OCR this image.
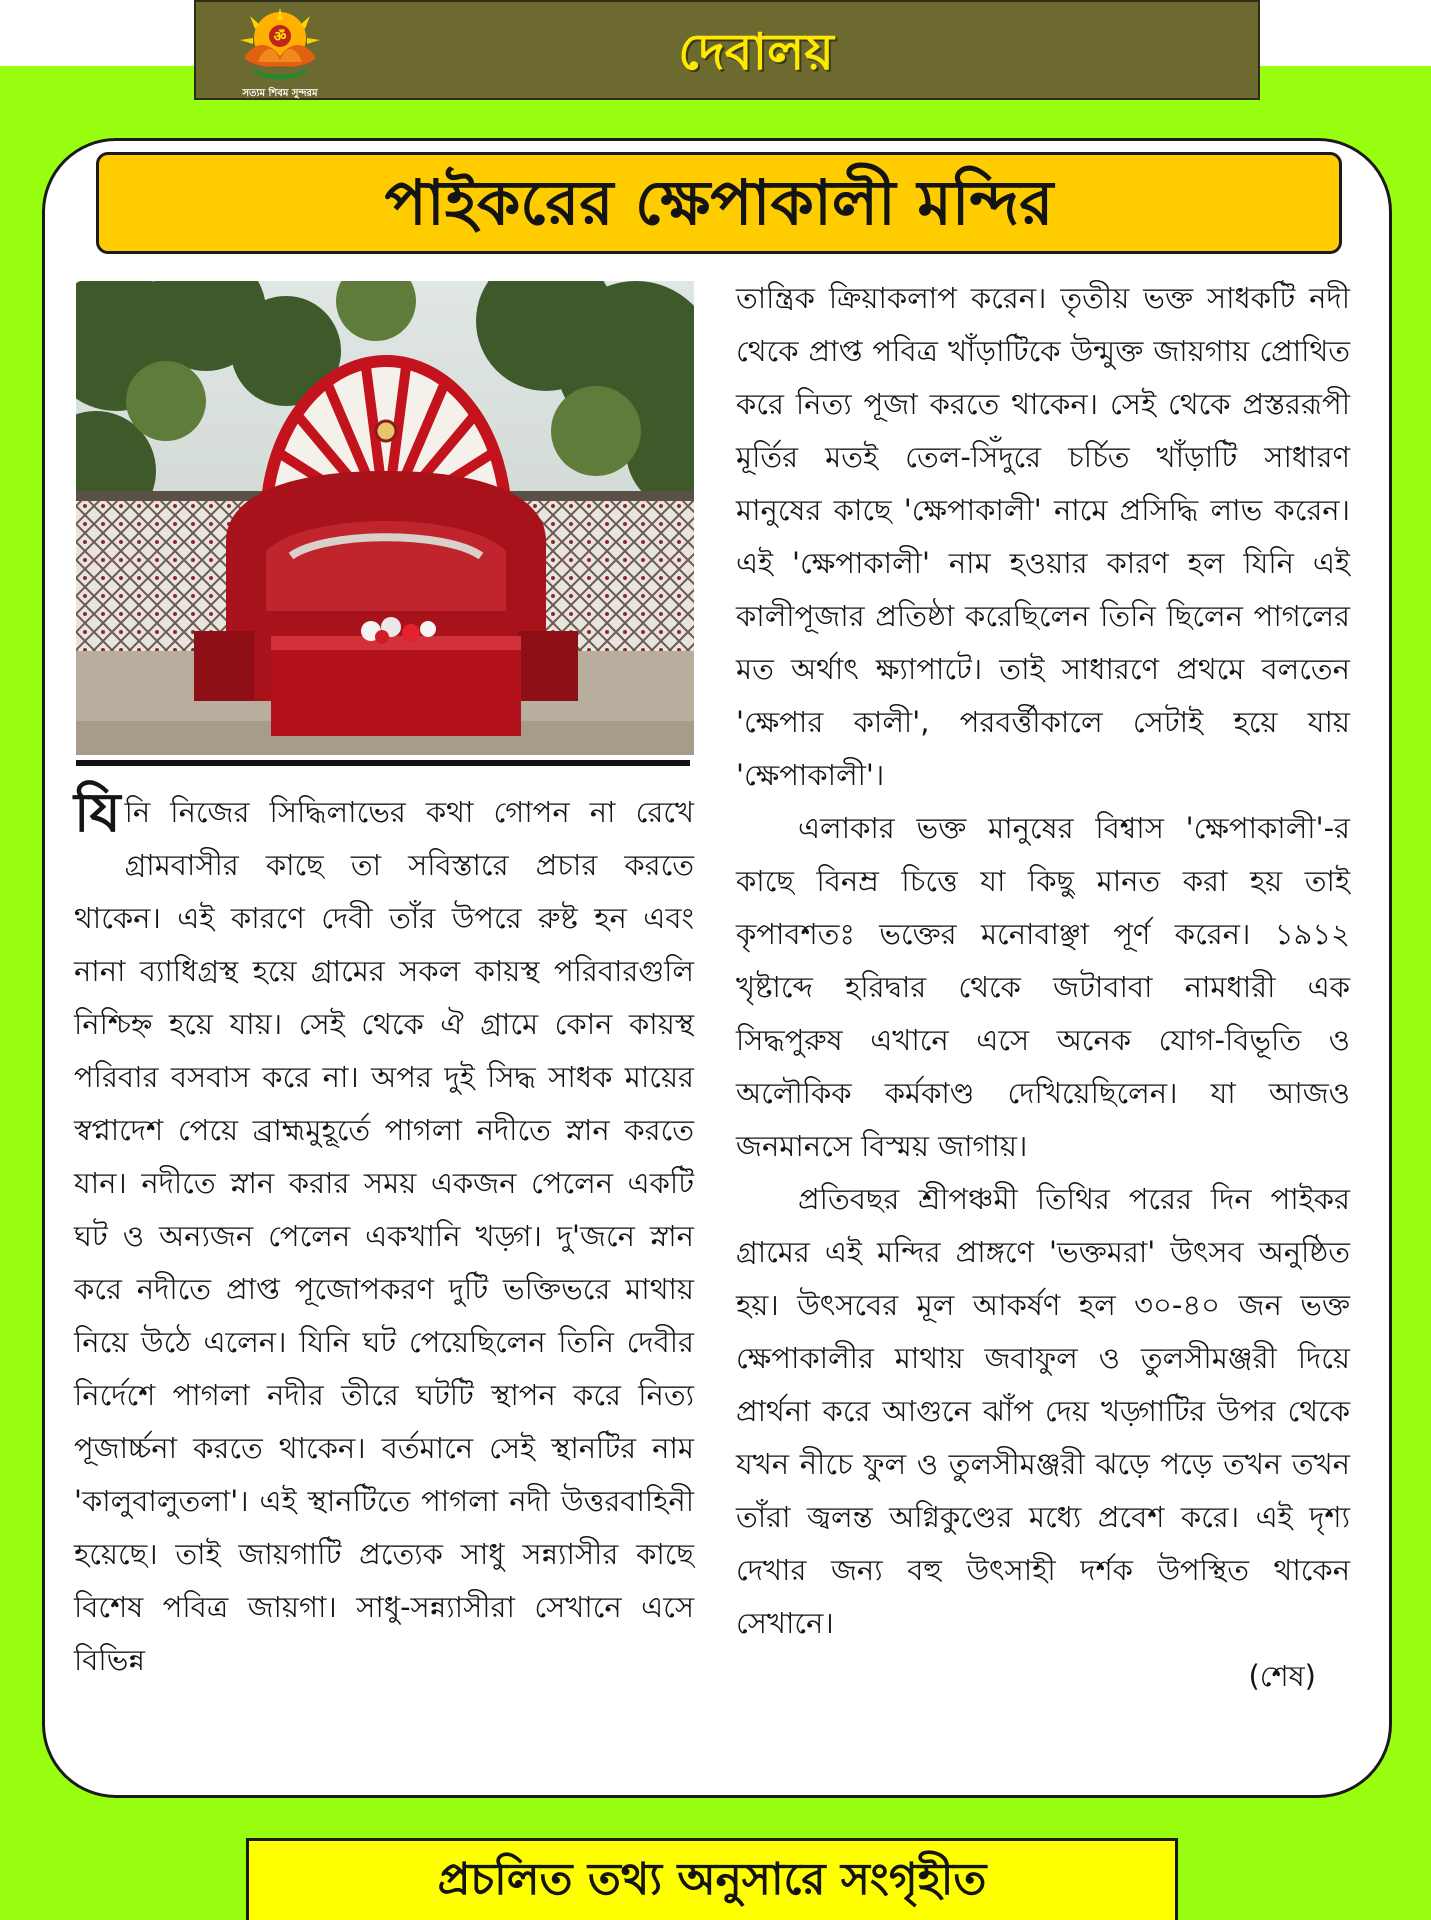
ॐ
সত্যম শিবম সুন্দরম
দেবালয়
পাইকরের ক্ষেপাকালী মন্দির

যিনি নিজের সিদ্ধিলাভের কথা গোপন না রেখে গ্রামবাসীর কাছে তা সবিস্তারে প্রচার করতে থাকেন। এই কারণে দেবী তাঁর উপরে রুষ্ট হন এবং নানা ব্যাধিগ্রস্থ হয়ে গ্রামের সকল কায়স্থ পরিবারগুলি নিশ্চিহ্ন হয়ে যায়। সেই থেকে ঐ গ্রামে কোন কায়স্থ পরিবার বসবাস করে না। অপর দুই সিদ্ধ সাধক মায়ের স্বপ্নাদেশ পেয়ে ব্রাহ্মমুহূর্তে পাগলা নদীতে স্নান করতে যান। নদীতে স্নান করার সময় একজন পেলেন একটি ঘট ও অন্যজন পেলেন একখানি খড়্গ। দু'জনে স্নান করে নদীতে প্রাপ্ত পূজোপকরণ দুটি ভক্তিভরে মাথায় নিয়ে উঠে এলেন। যিনি ঘট পেয়েছিলেন তিনি দেবীর নির্দেশে পাগলা নদীর তীরে ঘটটি স্থাপন করে নিত্য পূজার্চ্চনা করতে থাকেন। বর্তমানে সেই স্থানটির নাম 'কালুবালুতলা'। এই স্থানটিতে পাগলা নদী উত্তরবাহিনী হয়েছে। তাই জায়গাটি প্রত্যেক সাধু সন্ন্যাসীর কাছে বিশেষ পবিত্র জায়গা। সাধু-সন্ন্যাসীরা সেখানে এসে বিভিন্ন

তান্ত্রিক ক্রিয়াকলাপ করেন। তৃতীয় ভক্ত সাধকটি নদী থেকে প্রাপ্ত পবিত্র খাঁড়াটিকে উন্মুক্ত জায়গায় প্রোথিত করে নিত্য পূজা করতে থাকেন। সেই থেকে প্রস্তররূপী মূর্তির মতই তেল-সিঁদুরে চর্চিত খাঁড়াটি সাধারণ মানুষের কাছে 'ক্ষেপাকালী' নামে প্রসিদ্ধি লাভ করেন। এই 'ক্ষেপাকালী' নাম হওয়ার কারণ হল যিনি এই কালীপূজার প্রতিষ্ঠা করেছিলেন তিনি ছিলেন পাগলের মত অর্থাৎ ক্ষ্যাপাটে। তাই সাধারণে প্রথমে বলতেন 'ক্ষেপার কালী', পরবর্ত্তীকালে সেটাই হয়ে যায় 'ক্ষেপাকালী'।

এলাকার ভক্ত মানুষের বিশ্বাস 'ক্ষেপাকালী'-র কাছে বিনম্র চিত্তে যা কিছু মানত করা হয় তাই কৃপাবশতঃ ভক্তের মনোবাঞ্ছা পূর্ণ করেন। ১৯১২ খৃষ্টাব্দে হরিদ্বার থেকে জটাবাবা নামধারী এক সিদ্ধপুরুষ এখানে এসে অনেক যোগ-বিভূতি ও অলৌকিক কর্মকাণ্ড দেখিয়েছিলেন। যা আজও জনমানসে বিস্ময় জাগায়।

প্রতিবছর শ্রীপঞ্চমী তিথির পরের দিন পাইকর গ্রামের এই মন্দির প্রাঙ্গণে 'ভক্তমরা' উৎসব অনুষ্ঠিত হয়। উৎসবের মূল আকর্ষণ হল ৩০-৪০ জন ভক্ত ক্ষেপাকালীর মাথায় জবাফুল ও তুলসীমঞ্জরী দিয়ে প্রার্থনা করে আগুনে ঝাঁপ দেয় খড়্গাটির উপর থেকে যখন নীচে ফুল ও তুলসীমঞ্জরী ঝড়ে পড়ে তখন তখন তাঁরা জ্বলন্ত অগ্নিকুণ্ডের মধ্যে প্রবেশ করে। এই দৃশ্য দেখার জন্য বহু উৎসাহী দর্শক উপস্থিত থাকেন সেখানে।

(শেষ)

প্রচলিত তথ্য অনুসারে সংগৃহীত
